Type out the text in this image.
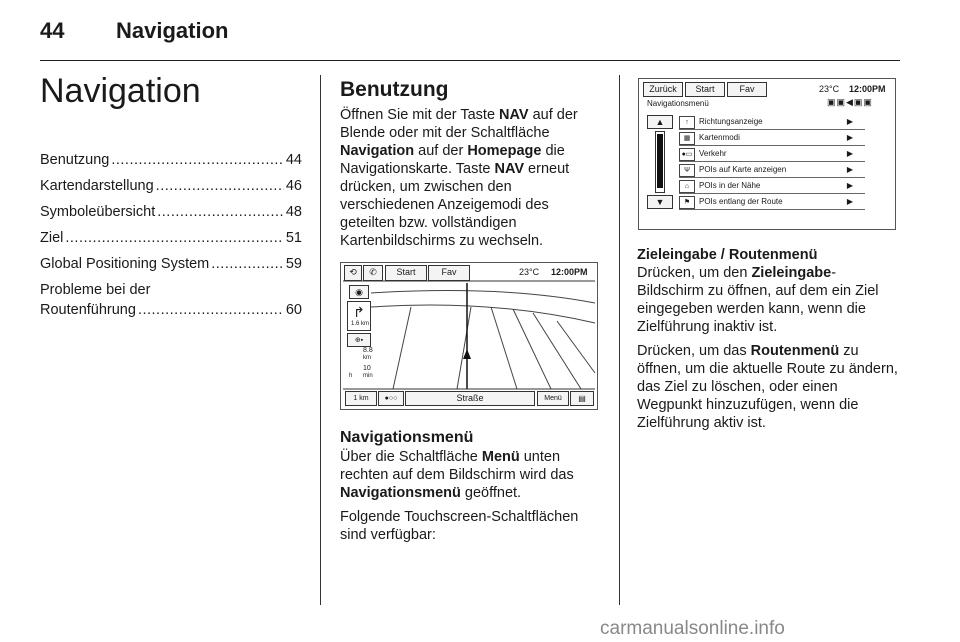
44 Navigation
Navigation
Benutzung .....	44
Kartendarstellung .....	46
Symbolеübersicht .....	48
Ziel .....	51
Global Positioning System .....	59
Probleme bei der
Routenführung .....	60
Benutzung

Öffnen Sie mit der Taste NAV auf der Blende oder mit der Schaltfläche Navigation auf der Homepage die Navigationskarte. Taste NAV erneut drücken, um zwischen den verschiedenen Anzeigemodi des geteilten bzw. vollständigen Kartenbildschirms zu wechseln.

⟲	✆	Start	Fav	23°C 12:00PM
◉
↱
1.6 km
⊕▪
8.8
km
10
h min
1 km	●○○	Straße	Menü	▤
Navigationsmenü

Über die Schaltfläche Menü unten rechten auf dem Bildschirm wird das Navigationsmenü geöffnet.

Folgende Touchscreen-Schaltflächen sind verfügbar:

Zurück	Start	Fav	23°C 12:00PM
Navigationsmenü	▣▣◀▣▣
▲
▼
↑	Richtungsanzeige	▶
▦	Kartenmodi	▶
●▭ Verkehr	▶
Ψ	POIs auf Karte anzeigen	▶
⌂	POIs in der Nähe	▶
⚑	POIs entlang der Route	▶
Zieleingabe / Routenmenü

Drücken, um den Zieleingabe-Bildschirm zu öffnen, auf dem ein Ziel eingegeben werden kann, wenn die Zielführung inaktiv ist.

Drücken, um das Routenmenü zu öffnen, um die aktuelle Route zu ändern, das Ziel zu löschen, oder einen Wegpunkt hinzuzufügen, wenn die Zielführung aktiv ist.

carmanualsonline.info
